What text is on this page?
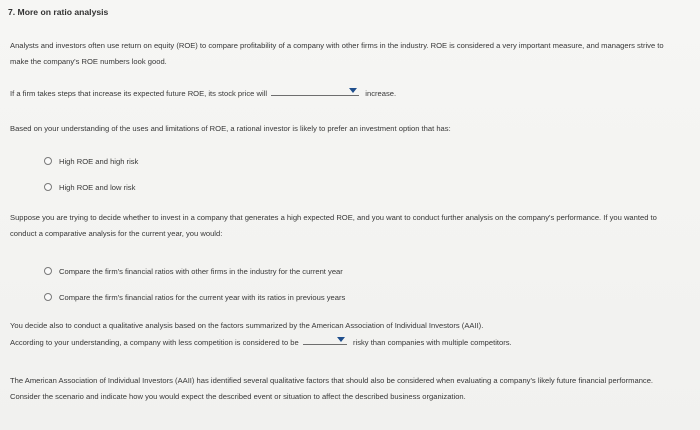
7. More on ratio analysis
Analysts and investors often use return on equity (ROE) to compare profitability of a company with other firms in the industry. ROE is considered a very important measure, and managers strive to make the company's ROE numbers look good.
If a firm takes steps that increase its expected future ROE, its stock price will	increase.
Based on your understanding of the uses and limitations of ROE, a rational investor is likely to prefer an investment option that has:
High ROE and high risk
High ROE and low risk
Suppose you are trying to decide whether to invest in a company that generates a high expected ROE, and you want to conduct further analysis on the company's performance. If you wanted to conduct a comparative analysis for the current year, you would:
Compare the firm's financial ratios with other firms in the industry for the current year
Compare the firm's financial ratios for the current year with its ratios in previous years
You decide also to conduct a qualitative analysis based on the factors summarized by the American Association of Individual Investors (AAII).
According to your understanding, a company with less competition is considered to be	risky than companies with multiple competitors.
The American Association of Individual Investors (AAII) has identified several qualitative factors that should also be considered when evaluating a company's likely future financial performance. Consider the scenario and indicate how you would expect the described event or situation to affect the described business organization.
